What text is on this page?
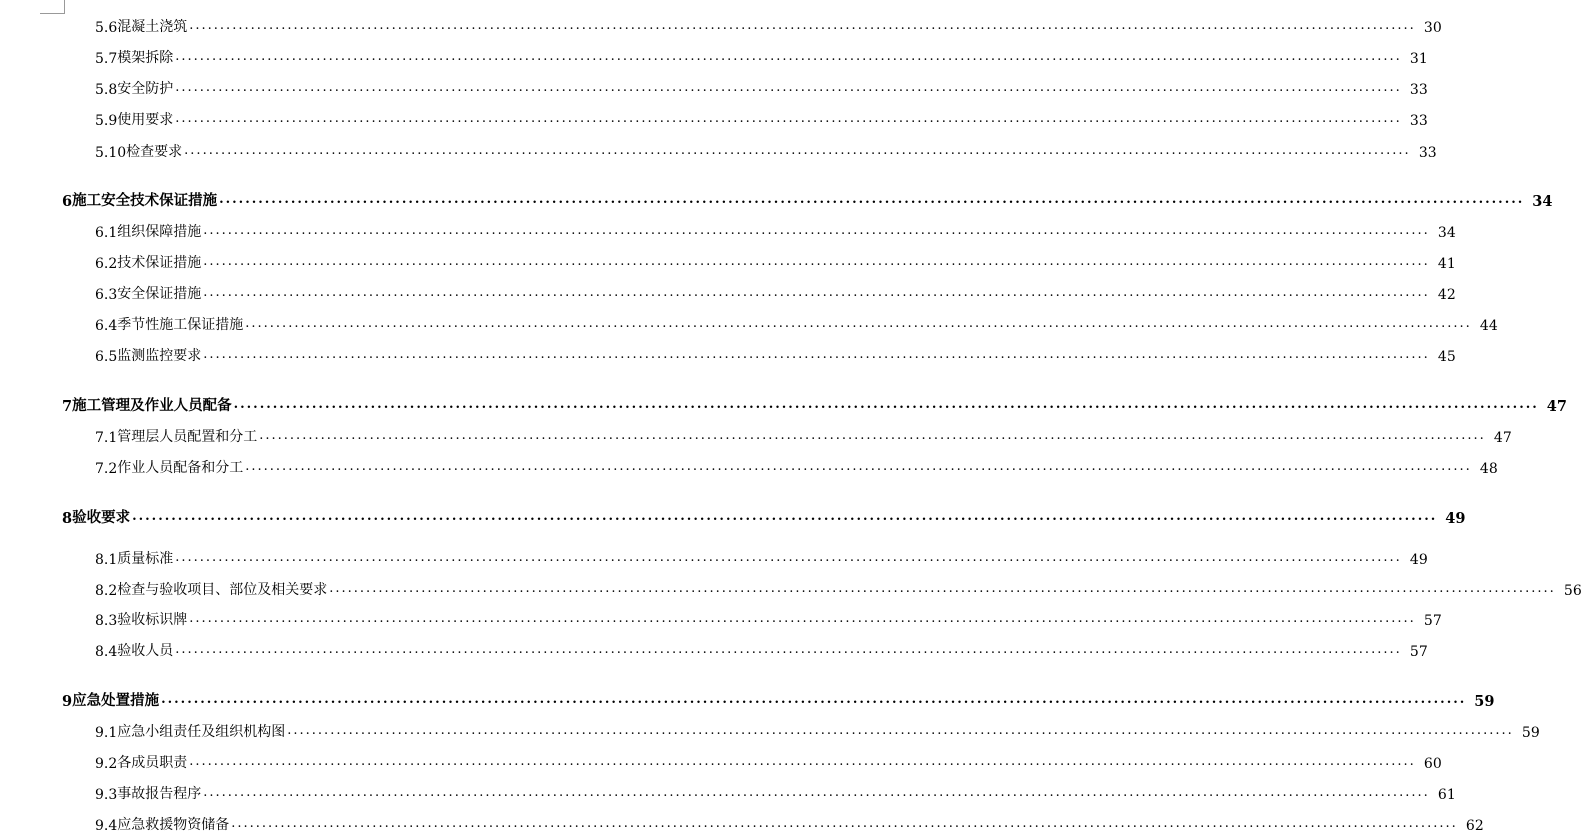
5.6 混凝土浇筑 ........................................................................................................................................................................................................ 30
5.7 模架拆除 ........................................................................................................................................................................................................ 31
5.8 安全防护 ........................................................................................................................................................................................................ 33
5.9 使用要求 ........................................................................................................................................................................................................ 33
5.10 检查要求 ........................................................................................................................................................................................................ 33
6 施工安全技术保证措施 ........................................................................................................................................................................................................ 34
6.1 组织保障措施 ........................................................................................................................................................................................................ 34
6.2 技术保证措施 ........................................................................................................................................................................................................ 41
6.3 安全保证措施 ........................................................................................................................................................................................................ 42
6.4 季节性施工保证措施 ........................................................................................................................................................................................................ 44
6.5 监测监控要求 ........................................................................................................................................................................................................ 45
7 施工管理及作业人员配备 ........................................................................................................................................................................................................ 47
7.1 管理层人员配置和分工 ........................................................................................................................................................................................................ 47
7.2 作业人员配备和分工 ........................................................................................................................................................................................................ 48
8 验收要求 ........................................................................................................................................................................................................ 49
8.1 质量标准 ........................................................................................................................................................................................................ 49
8.2 检查与验收项目、部位及相关要求 ........................................................................................................................................................................................................ 56
8.3 验收标识牌 ........................................................................................................................................................................................................ 57
8.4 验收人员 ........................................................................................................................................................................................................ 57
9 应急处置措施 ........................................................................................................................................................................................................ 59
9.1 应急小组责任及组织机构图 ........................................................................................................................................................................................................ 59
9.2 各成员职责 ........................................................................................................................................................................................................ 60
9.3 事故报告程序 ........................................................................................................................................................................................................ 61
9.4 应急救援物资储备 ........................................................................................................................................................................................................ 62
